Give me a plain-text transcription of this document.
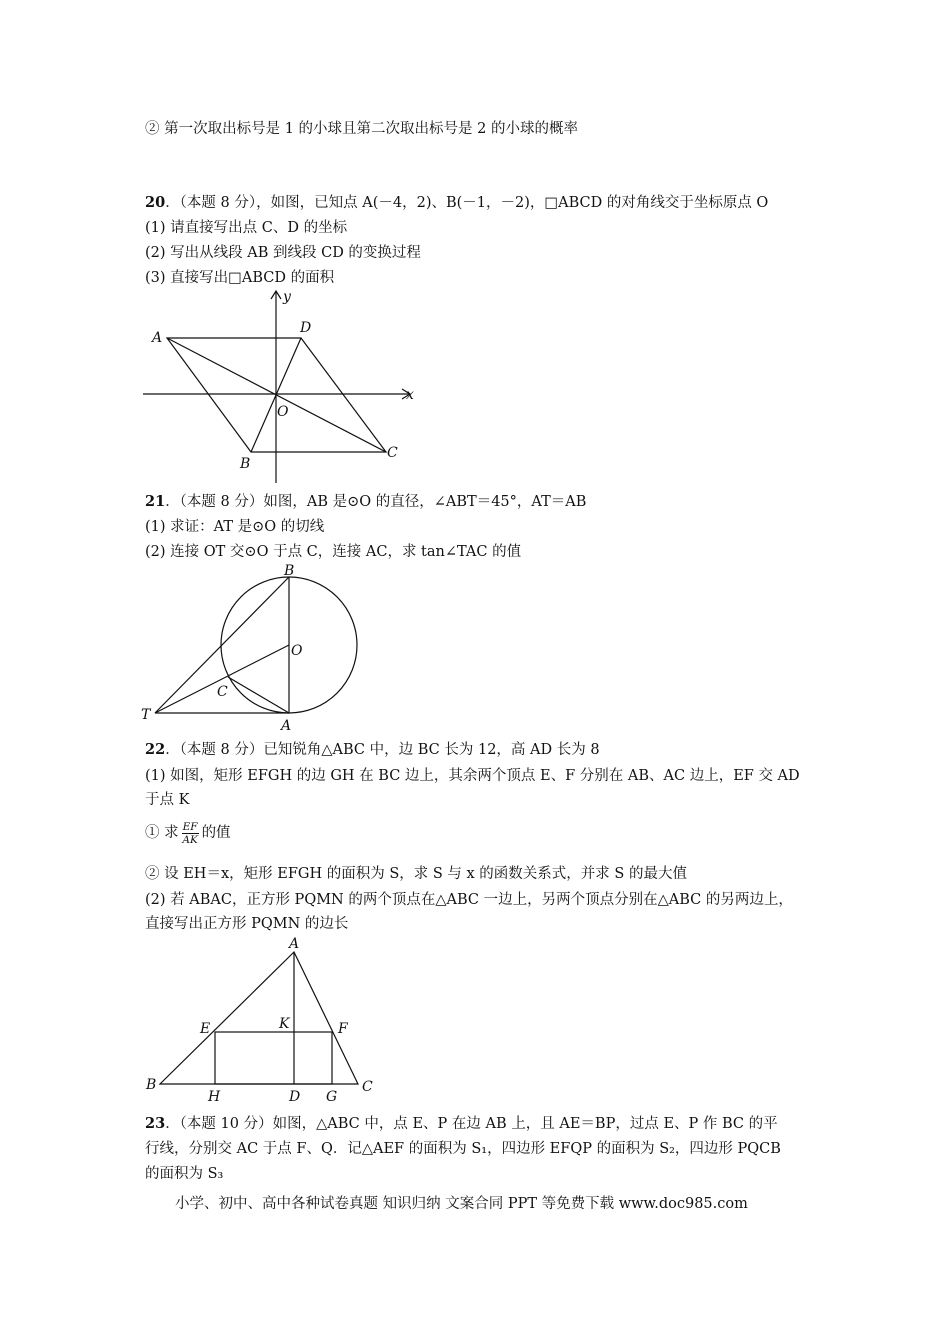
② 第一次取出标号是 1 的小球且第二次取出标号是 2 的小球的概率
20．（本题 8 分），如图，已知点 A(－4，2)、B(－1，－2)，□ABCD 的对角线交于坐标原点 O
(1) 请直接写出点 C、D 的坐标
(2) 写出从线段 AB 到线段 CD 的变换过程
(3) 直接写出□ABCD 的面积
A
D
B
C
O
x
y
21．（本题 8 分）如图，AB 是⊙O 的直径，∠ABT＝45°，AT＝AB
(1) 求证：AT 是⊙O 的切线
(2) 连接 OT 交⊙O 于点 C，连接 AC，求 tan∠TAC 的值
B
O
C
T
A
22．（本题 8 分）已知锐角△ABC 中，边 BC 长为 12，高 AD 长为 8
(1) 如图，矩形 EFGH 的边 GH 在 BC 边上，其余两个顶点 E、F 分别在 AB、AC 边上，EF 交 AD
于点 K
① 求 $\frac{EF}{AK}$ 的值
② 设 EH＝x，矩形 EFGH 的面积为 S，求 S 与 x 的函数关系式，并求 S 的最大值
(2) 若 ABAC，正方形 PQMN 的两个顶点在△ABC 一边上，另两个顶点分别在△ABC 的另两边上，
直接写出正方形 PQMN 的边长
A
E	K	F
B
H	D G
C
23．（本题 10 分）如图，△ABC 中，点 E、P 在边 AB 上，且 AE＝BP，过点 E、P 作 BC 的平
行线，分别交 AC 于点 F、Q．记△AEF 的面积为 S₁，四边形 EFQP 的面积为 S₂，四边形 PQCB
的面积为 S₃
小学、初中、高中各种试卷真题 知识归纳 文案合同 PPT 等免费下载 www.doc985.com
